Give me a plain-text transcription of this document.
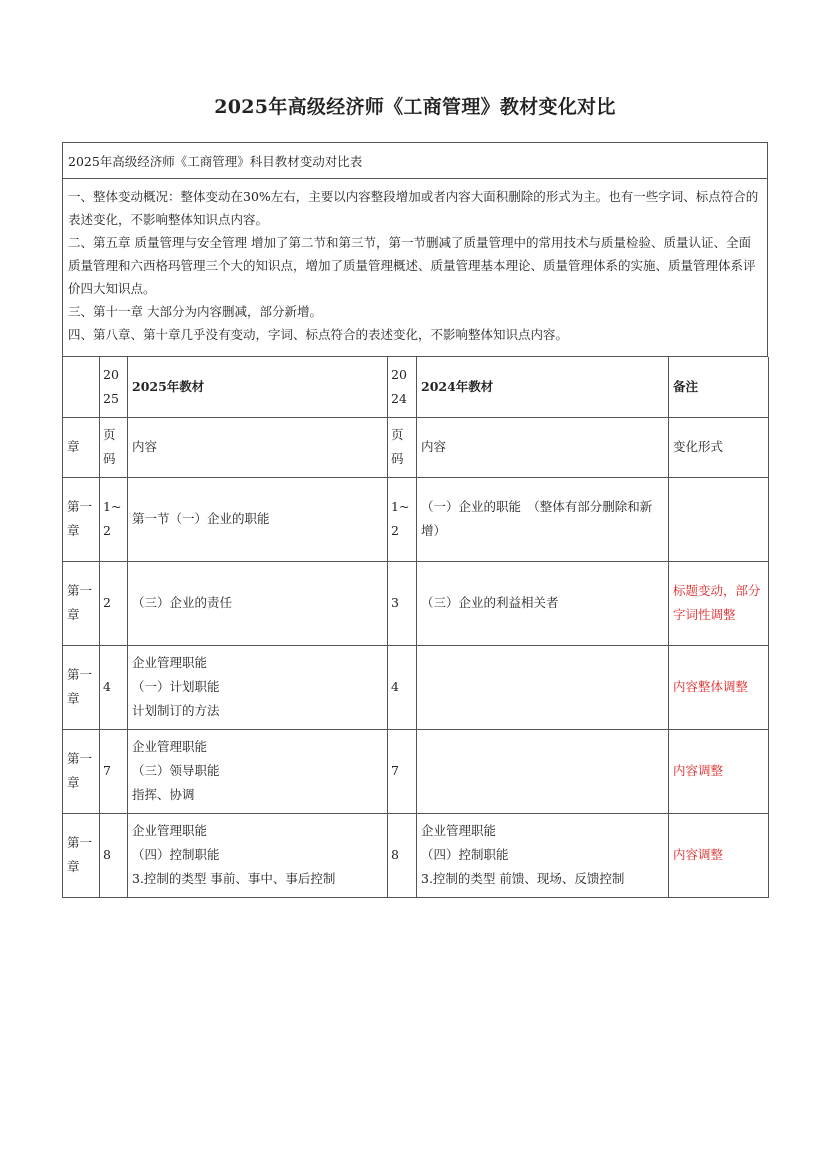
2025年高级经济师《工商管理》教材变化对比
2025年高级经济师《工商管理》科目教材变动对比表

一、整体变动概况：整体变动在30%左右，主要以内容整段增加或者内容大面积删除的形式为主。也有一些字词、标点符合的表述变化，不影响整体知识点内容。

二、第五章 质量管理与安全管理 增加了第二节和第三节，第一节删减了质量管理中的常用技术与质量检验、质量认证、全面质量管理和六西格玛管理三个大的知识点，增加了质量管理概述、质量管理基本理论、质量管理体系的实施、质量管理体系评价四大知识点。

三、第十一章 大部分为内容删减，部分新增。

四、第八章、第十章几乎没有变动，字词、标点符合的表述变化，不影响整体知识点内容。

	2025	2025年教材	2024	2024年教材	备注
章	页码	内容	页码	内容	变化形式
第一章	1~2	第一节（一）企业的职能	1~2	（一）企业的职能　（整体有部分删除和新增）	

第一章	2	（三）企业的责任	3	（三）企业的利益相关者	标题变动，部分字词性调整
第一章	4	企业管理职能
（一）计划职能
计划制订的方法	4		内容整体调整
第一章	7	企业管理职能
（三）领导职能
指挥、协调	7		内容调整
第一章	8	企业管理职能
（四）控制职能
3.控制的类型 事前、事中、事后控制	8	企业管理职能
（四）控制职能
3.控制的类型 前馈、现场、反馈控制	内容调整
